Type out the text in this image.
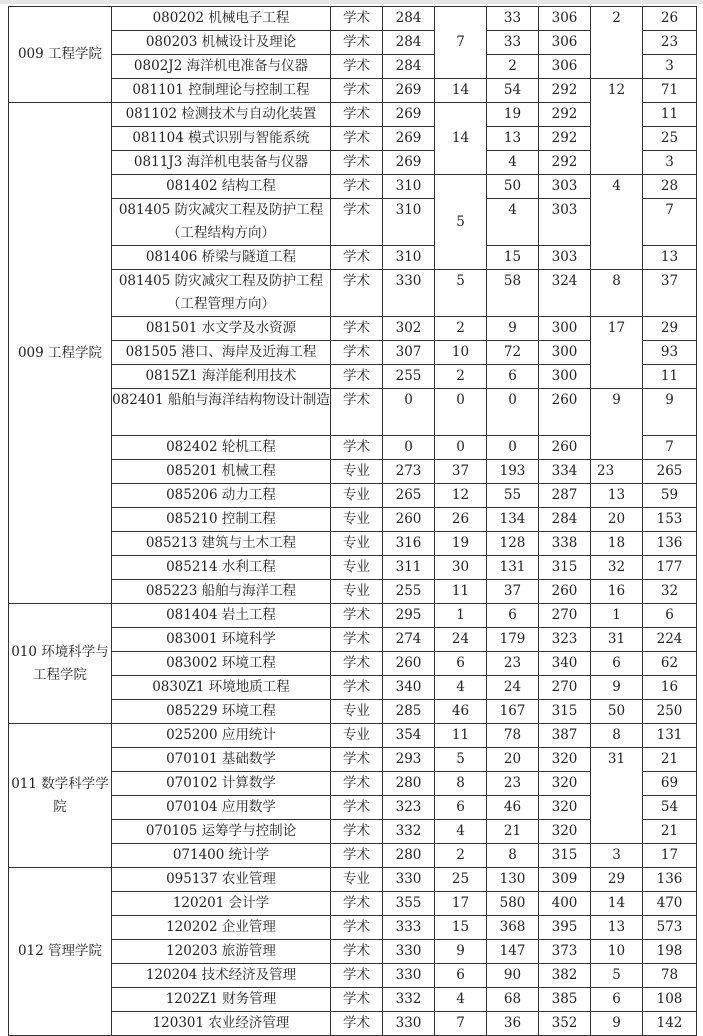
009 工程学院	080202 机械电子工程	学术	284	7	33	306	2	26
	080203 机械设计及理论	学术	284		33	306		23
	0802J2 海洋机电准备与仪器	学术	284		2	306		3
	081101 控制理论与控制工程	学术	269	14	54	292	12	71
009 工程学院	081102 检测技术与自动化装置	学术	269	14	19	292		11
	081104 模式识别与智能系统	学术	269		13	292		25
	0811J3 海洋机电装备与仪器	学术	269		4	292		3
	081402 结构工程	学术	310	5	50	303	4	28
	081405 防灾减灾工程及防护工程（工程结构方向）	学术	310		4	303		7
	081406 桥梁与隧道工程	学术	310		15	303		13
	081405 防灾减灾工程及防护工程（工程管理方向）	学术	330	5	58	324	8	37
	081501 水文学及水资源	学术	302	2	9	300	17	29
	081505 港口、海岸及近海工程	学术	307	10	72	300		93
	0815Z1 海洋能利用技术	学术	255	2	6	300		11
	082401 船舶与海洋结构物设计制造	学术	0	0	0	260	9	9
	082402 轮机工程	学术	0	0	0	260		7
	085201 机械工程	专业	273	37	193	334	23	265
	085206 动力工程	专业	265	12	55	287	13	59
	085210 控制工程	专业	260	26	134	284	20	153
	085213 建筑与土木工程	专业	316	19	128	338	18	136
	085214 水利工程	专业	311	30	131	315	32	177
	085223 船舶与海洋工程	专业	255	11	37	260	16	32
010 环境科学与工程学院	081404 岩土工程	学术	295	1	6	270	1	6
	083001 环境科学	学术	274	24	179	323	31	224
	083002 环境工程	学术	260	6	23	340	6	62
	0830Z1 环境地质工程	学术	340	4	24	270	9	16
	085229 环境工程	专业	285	46	167	315	50	250
011 数学科学学院	025200 应用统计	专业	354	11	78	387	8	131
	070101 基础数学	学术	293	5	20	320	31	21
	070102 计算数学	学术	280	8	23	320		69
	070104 应用数学	学术	323	6	46	320		54
	070105 运筹学与控制论	学术	332	4	21	320		21
	071400 统计学	学术	280	2	8	315	3	17
012 管理学院	095137 农业管理	专业	330	25	130	309	29	136
	120201 会计学	学术	355	17	580	400	14	470
	120202 企业管理	学术	333	15	368	395	13	573
	120203 旅游管理	学术	330	9	147	373	10	198
	120204 技术经济及管理	学术	330	6	90	382	5	78
	1202Z1 财务管理	学术	332	4	68	385	6	108
	120301 农业经济管理	学术	330	7	36	352	9	142
